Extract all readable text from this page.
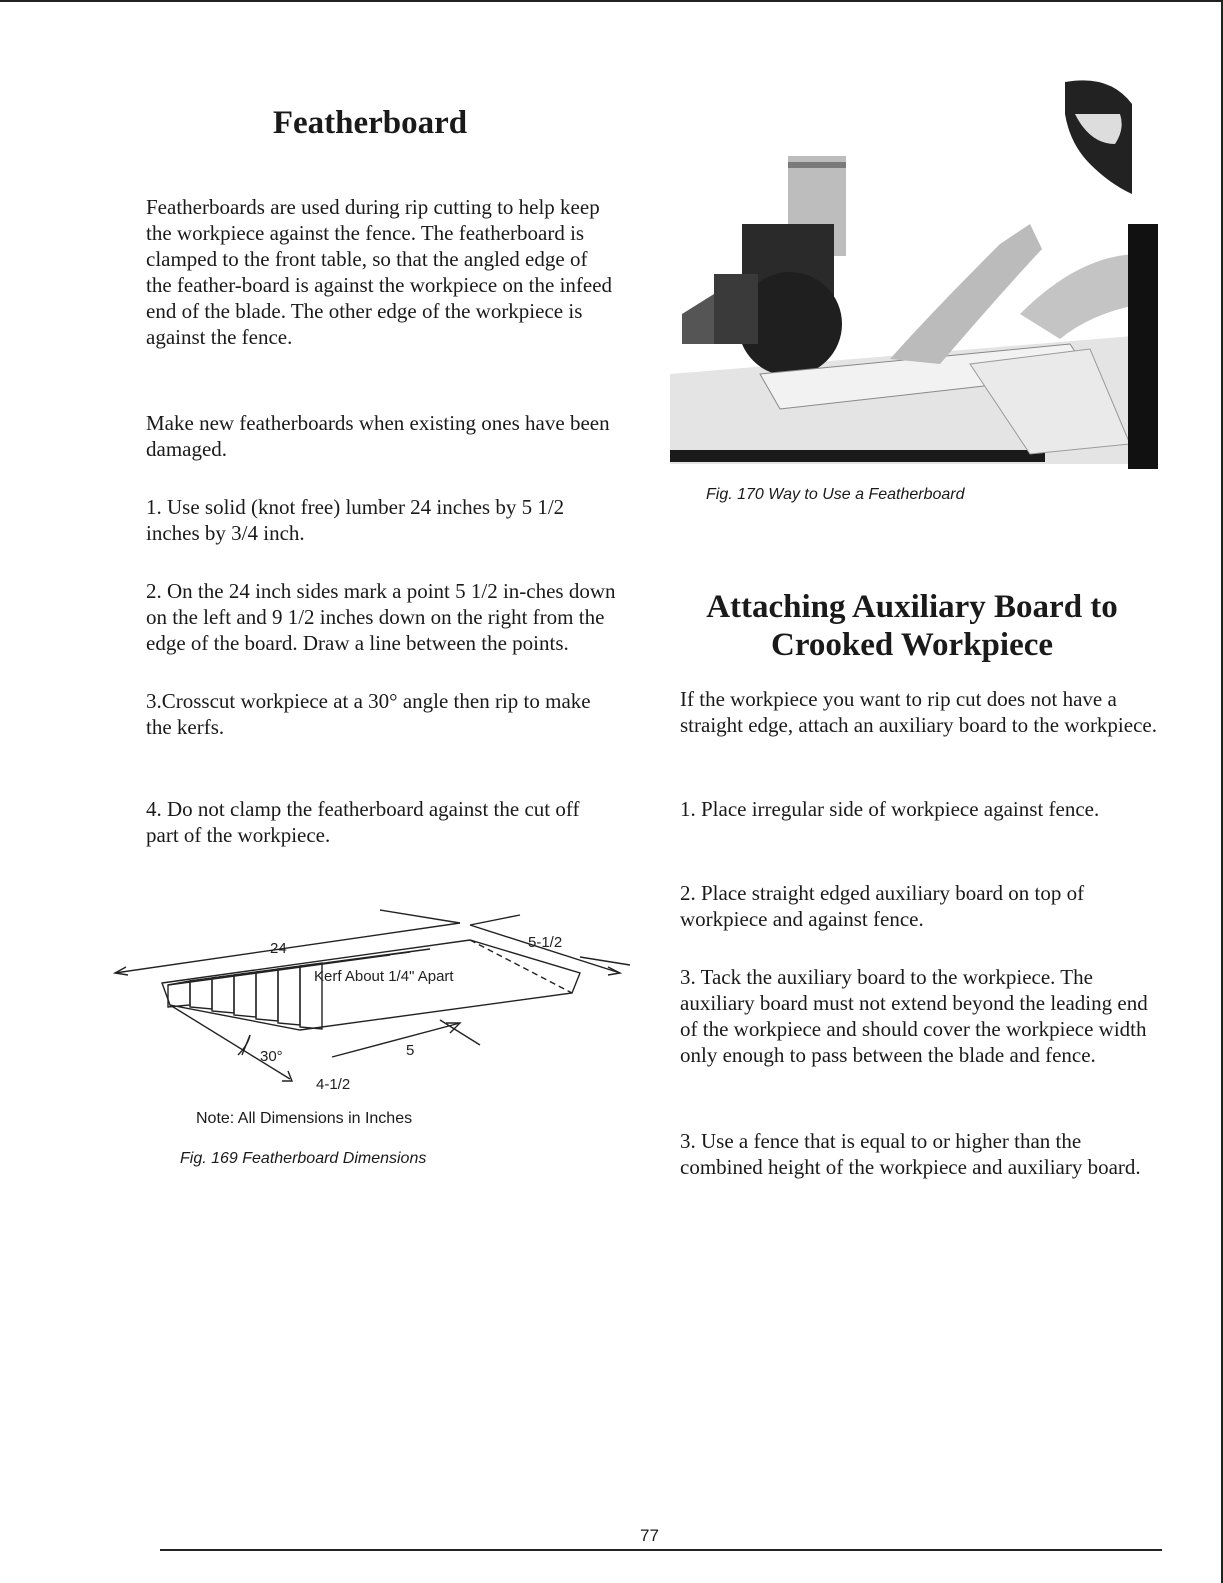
Featherboard

Featherboards are used during rip cutting to help keep the workpiece against the fence. The featherboard is clamped to the front table, so that the angled edge of the feather-board is against the workpiece on the infeed end of the blade. The other edge of the workpiece is against the fence.

Make new featherboards when existing ones have been damaged.

1. Use solid (knot free) lumber 24 inches by 5 1/2 inches by 3/4 inch.

2. On the 24 inch sides mark a point 5 1/2 in-ches down on the left and 9 1/2 inches down on the right from the edge of the board. Draw a line between the points.

3.Crosscut workpiece at a 30° angle then rip to make the kerfs.

4. Do not clamp the featherboard against the cut off part of the workpiece.

24	5-1/2
Kerf About 1/4" Apart
30°	5
4-1/2

Note: All Dimensions in Inches

Fig. 169 Featherboard Dimensions

Fig. 170 Way to Use a Featherboard

Attaching Auxiliary Board to Crooked Workpiece

If the workpiece you want to rip cut does not have a straight edge, attach an auxiliary board to the workpiece.

1. Place irregular side of workpiece against fence.

2. Place straight edged auxiliary board on top of workpiece and against fence.

3. Tack the auxiliary board to the workpiece. The auxiliary board must not extend beyond the leading end of the workpiece and should cover the workpiece width only enough to pass between the blade and fence.

3. Use a fence that is equal to or higher than the combined height of the workpiece and auxiliary board.

77
